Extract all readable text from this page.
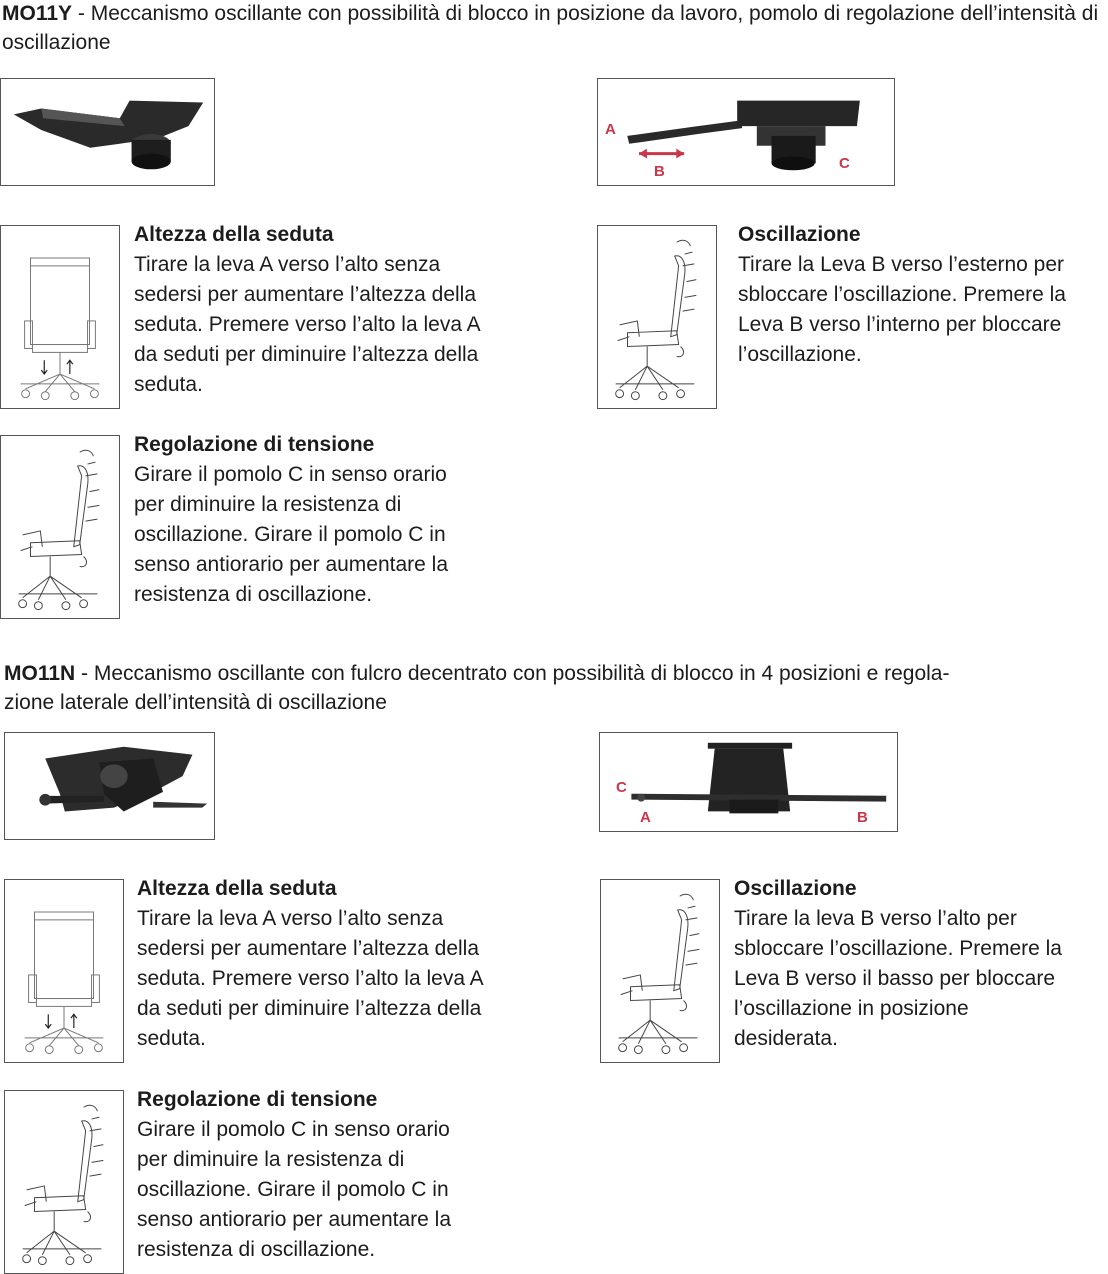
MO11Y - Meccanismo oscillante con possibilità di blocco in posizione da lavoro, pomolo di regolazione dell’intensità di oscillazione
A
B	C
Altezza della seduta
Tirare la leva A verso l’alto senza
sedersi per aumentare l’altezza della
seduta. Premere verso l’alto la leva A
da seduti per diminuire l’altezza della
seduta.
Oscillazione
Tirare la Leva B verso l’esterno per
sbloccare l’oscillazione. Premere la
Leva B verso l’interno per bloccare
l’oscillazione.
Regolazione di tensione
Girare il pomolo C in senso orario
per diminuire la resistenza di
oscillazione. Girare il pomolo C in
senso antiorario per aumentare la
resistenza di oscillazione.
MO11N - Meccanismo oscillante con fulcro decentrato con possibilità di blocco in 4 posizioni e regola-
zione laterale dell’intensità di oscillazione
C
A	B
Altezza della seduta
Tirare la leva A verso l’alto senza
sedersi per aumentare l’altezza della
seduta. Premere verso l’alto la leva A
da seduti per diminuire l’altezza della
seduta.
Oscillazione
Tirare la leva B verso l’alto per
sbloccare l’oscillazione. Premere la
Leva B verso il basso per bloccare
l’oscillazione in posizione
desiderata.
Regolazione di tensione
Girare il pomolo C in senso orario
per diminuire la resistenza di
oscillazione. Girare il pomolo C in
senso antiorario per aumentare la
resistenza di oscillazione.
